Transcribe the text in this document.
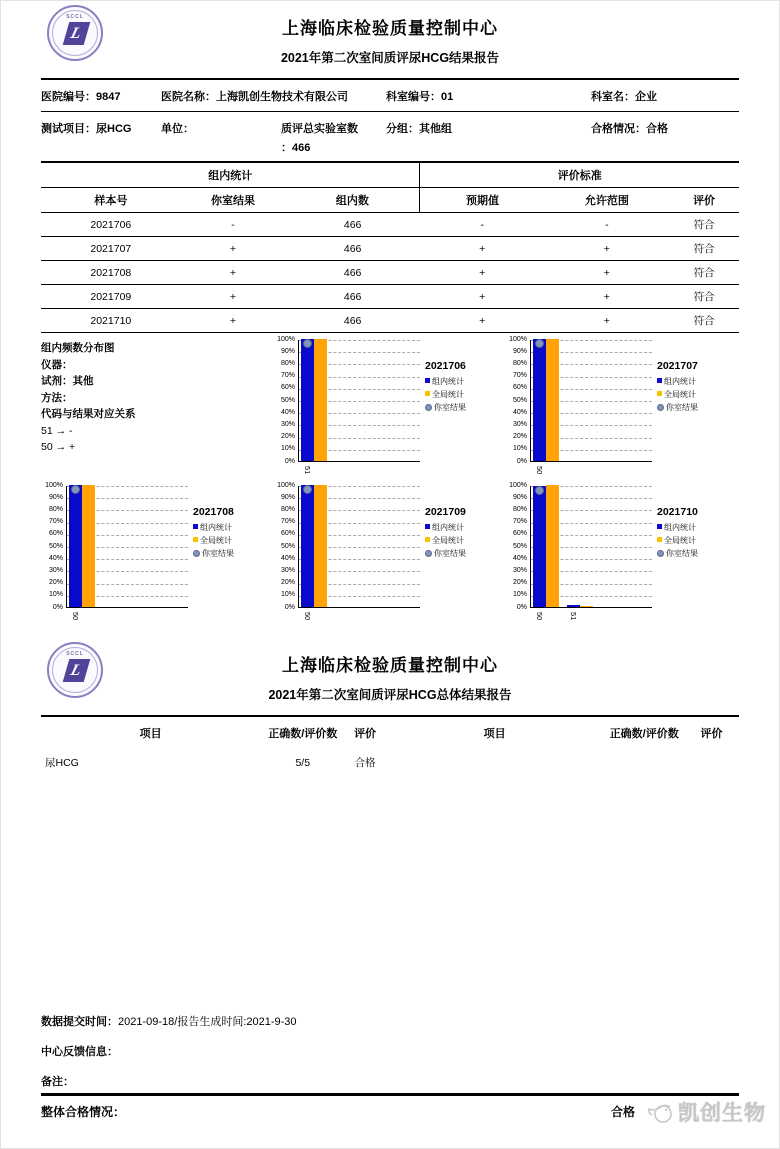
SCCL
L	上海临床检验质量控制中心
2021年第二次室间质评尿HCG结果报告
医院编号：9847	医院名称：上海凯创生物技术有限公司	科室编号：01	科室名：企业
测试项目：尿HCG	单位：	质评总实验室数
：466
分组：其他组	合格情况：合格
组内统计			评价标准		
样本号	你室结果	组内数	预期值	允许范围	评价
2021706	-	466	-	-	符合
2021707	+	466	+	+	符合
2021708	+	466	+	+	符合
2021709	+	466	+	+	符合
2021710	+	466	+	+	符合
组内频数分布图
仪器：
试剂：其他
方法：
代码与结果对应关系
51 → -
50 → +
100%
90%
80%
70%
60%
50%
40%
30%
20%
10%
0%
51
2021706
组内统计
全局统计
你室结果
100%
90%
80%
70%
60%
50%
40%
30%
20%
10%
0%
50
2021707
组内统计
全局统计
你室结果
100%
90%
80%
70%
60%
50%
40%
30%
20%
10%
0%
50
2021708
组内统计
全局统计
你室结果
100%
90%
80%
70%
60%
50%
40%
30%
20%
10%
0%
50
2021709
组内统计
全局统计
你室结果
100%
90%
80%
70%
60%
50%
40%
30%
20%
10%
0%
50	51
2021710
组内统计
全局统计
你室结果
SCCL
L	上海临床检验质量控制中心
2021年第二次室间质评尿HCG总体结果报告
项目	正确数/评价数	评价	项目	正确数/评价数	评价
尿HCG	5/5	合格			
数据提交时间：2021-09-18/报告生成时间:2021-9-30
中心反馈信息：
备注：
整体合格情况：	合格 凯创生物
